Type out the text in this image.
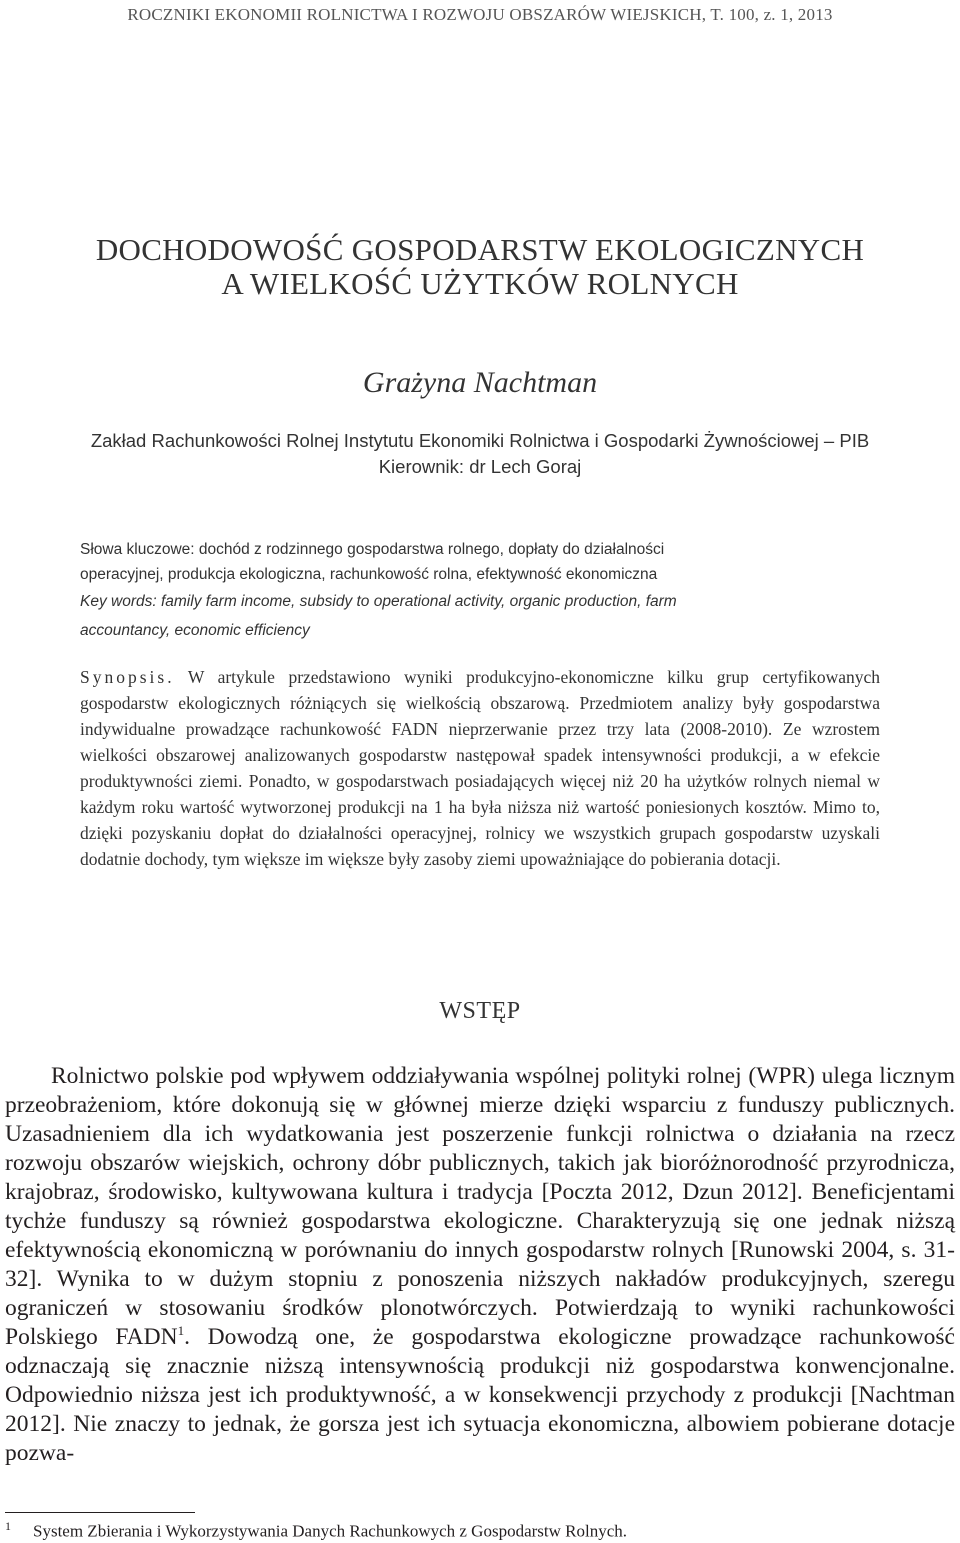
ROCZNIKI EKONOMII ROLNICTWA I ROZWOJU OBSZARÓW WIEJSKICH, T. 100, z. 1, 2013
DOCHODOWOŚĆ GOSPODARSTW EKOLOGICZNYCH
A WIELKOŚĆ UŻYTKÓW ROLNYCH
Grażyna Nachtman
Zakład Rachunkowości Rolnej Instytutu Ekonomiki Rolnictwa i Gospodarki Żywnościowej – PIB
Kierownik: dr Lech Goraj
Słowa kluczowe: dochód z rodzinnego gospodarstwa rolnego, dopłaty do działalności
operacyjnej, produkcja ekologiczna, rachunkowość rolna, efektywność ekonomiczna
Key words: family farm income, subsidy to operational activity, organic production, farm
accountancy, economic efficiency
Synopsis. W artykule przedstawiono wyniki produkcyjno-ekonomiczne kilku grup certyfikowanych gospodarstw ekologicznych różniących się wielkością obszarową. Przedmiotem analizy były gospodarstwa indywidualne prowadzące rachunkowość FADN nieprzerwanie przez trzy lata (2008-2010). Ze wzrostem wielkości obszarowej analizowanych gospodarstw następował spadek intensywności produkcji, a w efekcie produktywności ziemi. Ponadto, w gospodarstwach posiadających więcej niż 20 ha użytków rolnych niemal w każdym roku wartość wytworzonej produkcji na 1 ha była niższa niż wartość poniesionych kosztów. Mimo to, dzięki pozyskaniu dopłat do działalności operacyjnej, rolnicy we wszystkich grupach gospodarstw uzyskali dodatnie dochody, tym większe im większe były zasoby ziemi upoważniające do pobierania dotacji.
WSTĘP
Rolnictwo polskie pod wpływem oddziaływania wspólnej polityki rolnej (WPR) ulega licznym przeobrażeniom, które dokonują się w głównej mierze dzięki wsparciu z funduszy publicznych. Uzasadnieniem dla ich wydatkowania jest poszerzenie funkcji rolnictwa o działania na rzecz rozwoju obszarów wiejskich, ochrony dóbr publicznych, takich jak bioróżnorodność przyrodnicza, krajobraz, środowisko, kultywowana kultura i tradycja [Poczta 2012, Dzun 2012]. Beneficjentami tychże funduszy są również gospodarstwa ekologiczne. Charakteryzują się one jednak niższą efektywnością ekonomiczną w porównaniu do innych gospodarstw rolnych [Runowski 2004, s. 31-32]. Wynika to w dużym stopniu z ponoszenia niższych nakładów produkcyjnych, szeregu ograniczeń w stosowaniu środków plonotwórczych. Potwierdzają to wyniki rachunkowości Polskiego FADN$^1$. Dowodzą one, że gospodarstwa ekologiczne prowadzące rachunkowość odznaczają się znacznie niższą intensywnością produkcji niż gospodarstwa konwencjonalne. Odpowiednio niższa jest ich produktywność, a w konsekwencji przychody z produkcji [Nachtman 2012]. Nie znaczy to jednak, że gorsza jest ich sytuacja ekonomiczna, albowiem pobierane dotacje pozwa-
$^1$ System Zbierania i Wykorzystywania Danych Rachunkowych z Gospodarstw Rolnych.
